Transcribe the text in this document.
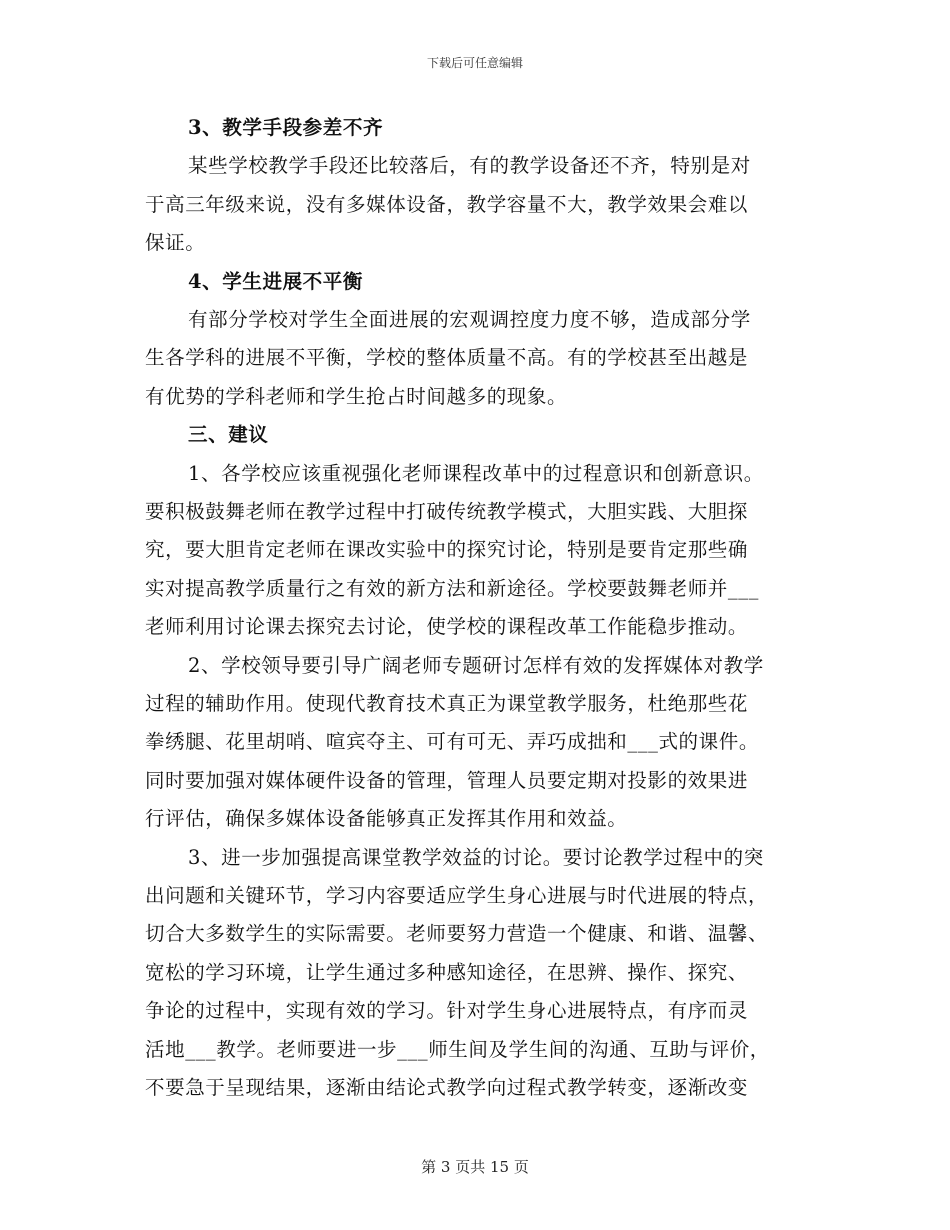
下载后可任意编辑
3、教学手段参差不齐
某些学校教学手段还比较落后，有的教学设备还不齐，特别是对
于高三年级来说，没有多媒体设备，教学容量不大，教学效果会难以
保证。
4、学生进展不平衡
有部分学校对学生全面进展的宏观调控度力度不够，造成部分学
生各学科的进展不平衡，学校的整体质量不高。有的学校甚至出越是
有优势的学科老师和学生抢占时间越多的现象。
三、建议
1、各学校应该重视强化老师课程改革中的过程意识和创新意识。
要积极鼓舞老师在教学过程中打破传统教学模式，大胆实践、大胆探
究，要大胆肯定老师在课改实验中的探究讨论，特别是要肯定那些确
实对提高教学质量行之有效的新方法和新途径。学校要鼓舞老师并___
老师利用讨论课去探究去讨论，使学校的课程改革工作能稳步推动。
2、学校领导要引导广阔老师专题研讨怎样有效的发挥媒体对教学
过程的辅助作用。使现代教育技术真正为课堂教学服务，杜绝那些花
拳绣腿、花里胡哨、喧宾夺主、可有可无、弄巧成拙和___式的课件。
同时要加强对媒体硬件设备的管理，管理人员要定期对投影的效果进
行评估，确保多媒体设备能够真正发挥其作用和效益。
3、进一步加强提高课堂教学效益的讨论。要讨论教学过程中的突
出问题和关键环节，学习内容要适应学生身心进展与时代进展的特点，
切合大多数学生的实际需要。老师要努力营造一个健康、和谐、温馨、
宽松的学习环境，让学生通过多种感知途径，在思辨、操作、探究、
争论的过程中，实现有效的学习。针对学生身心进展特点，有序而灵
活地___教学。老师要进一步___师生间及学生间的沟通、互助与评价，
不要急于呈现结果，逐渐由结论式教学向过程式教学转变，逐渐改变
第 3 页共 15 页
